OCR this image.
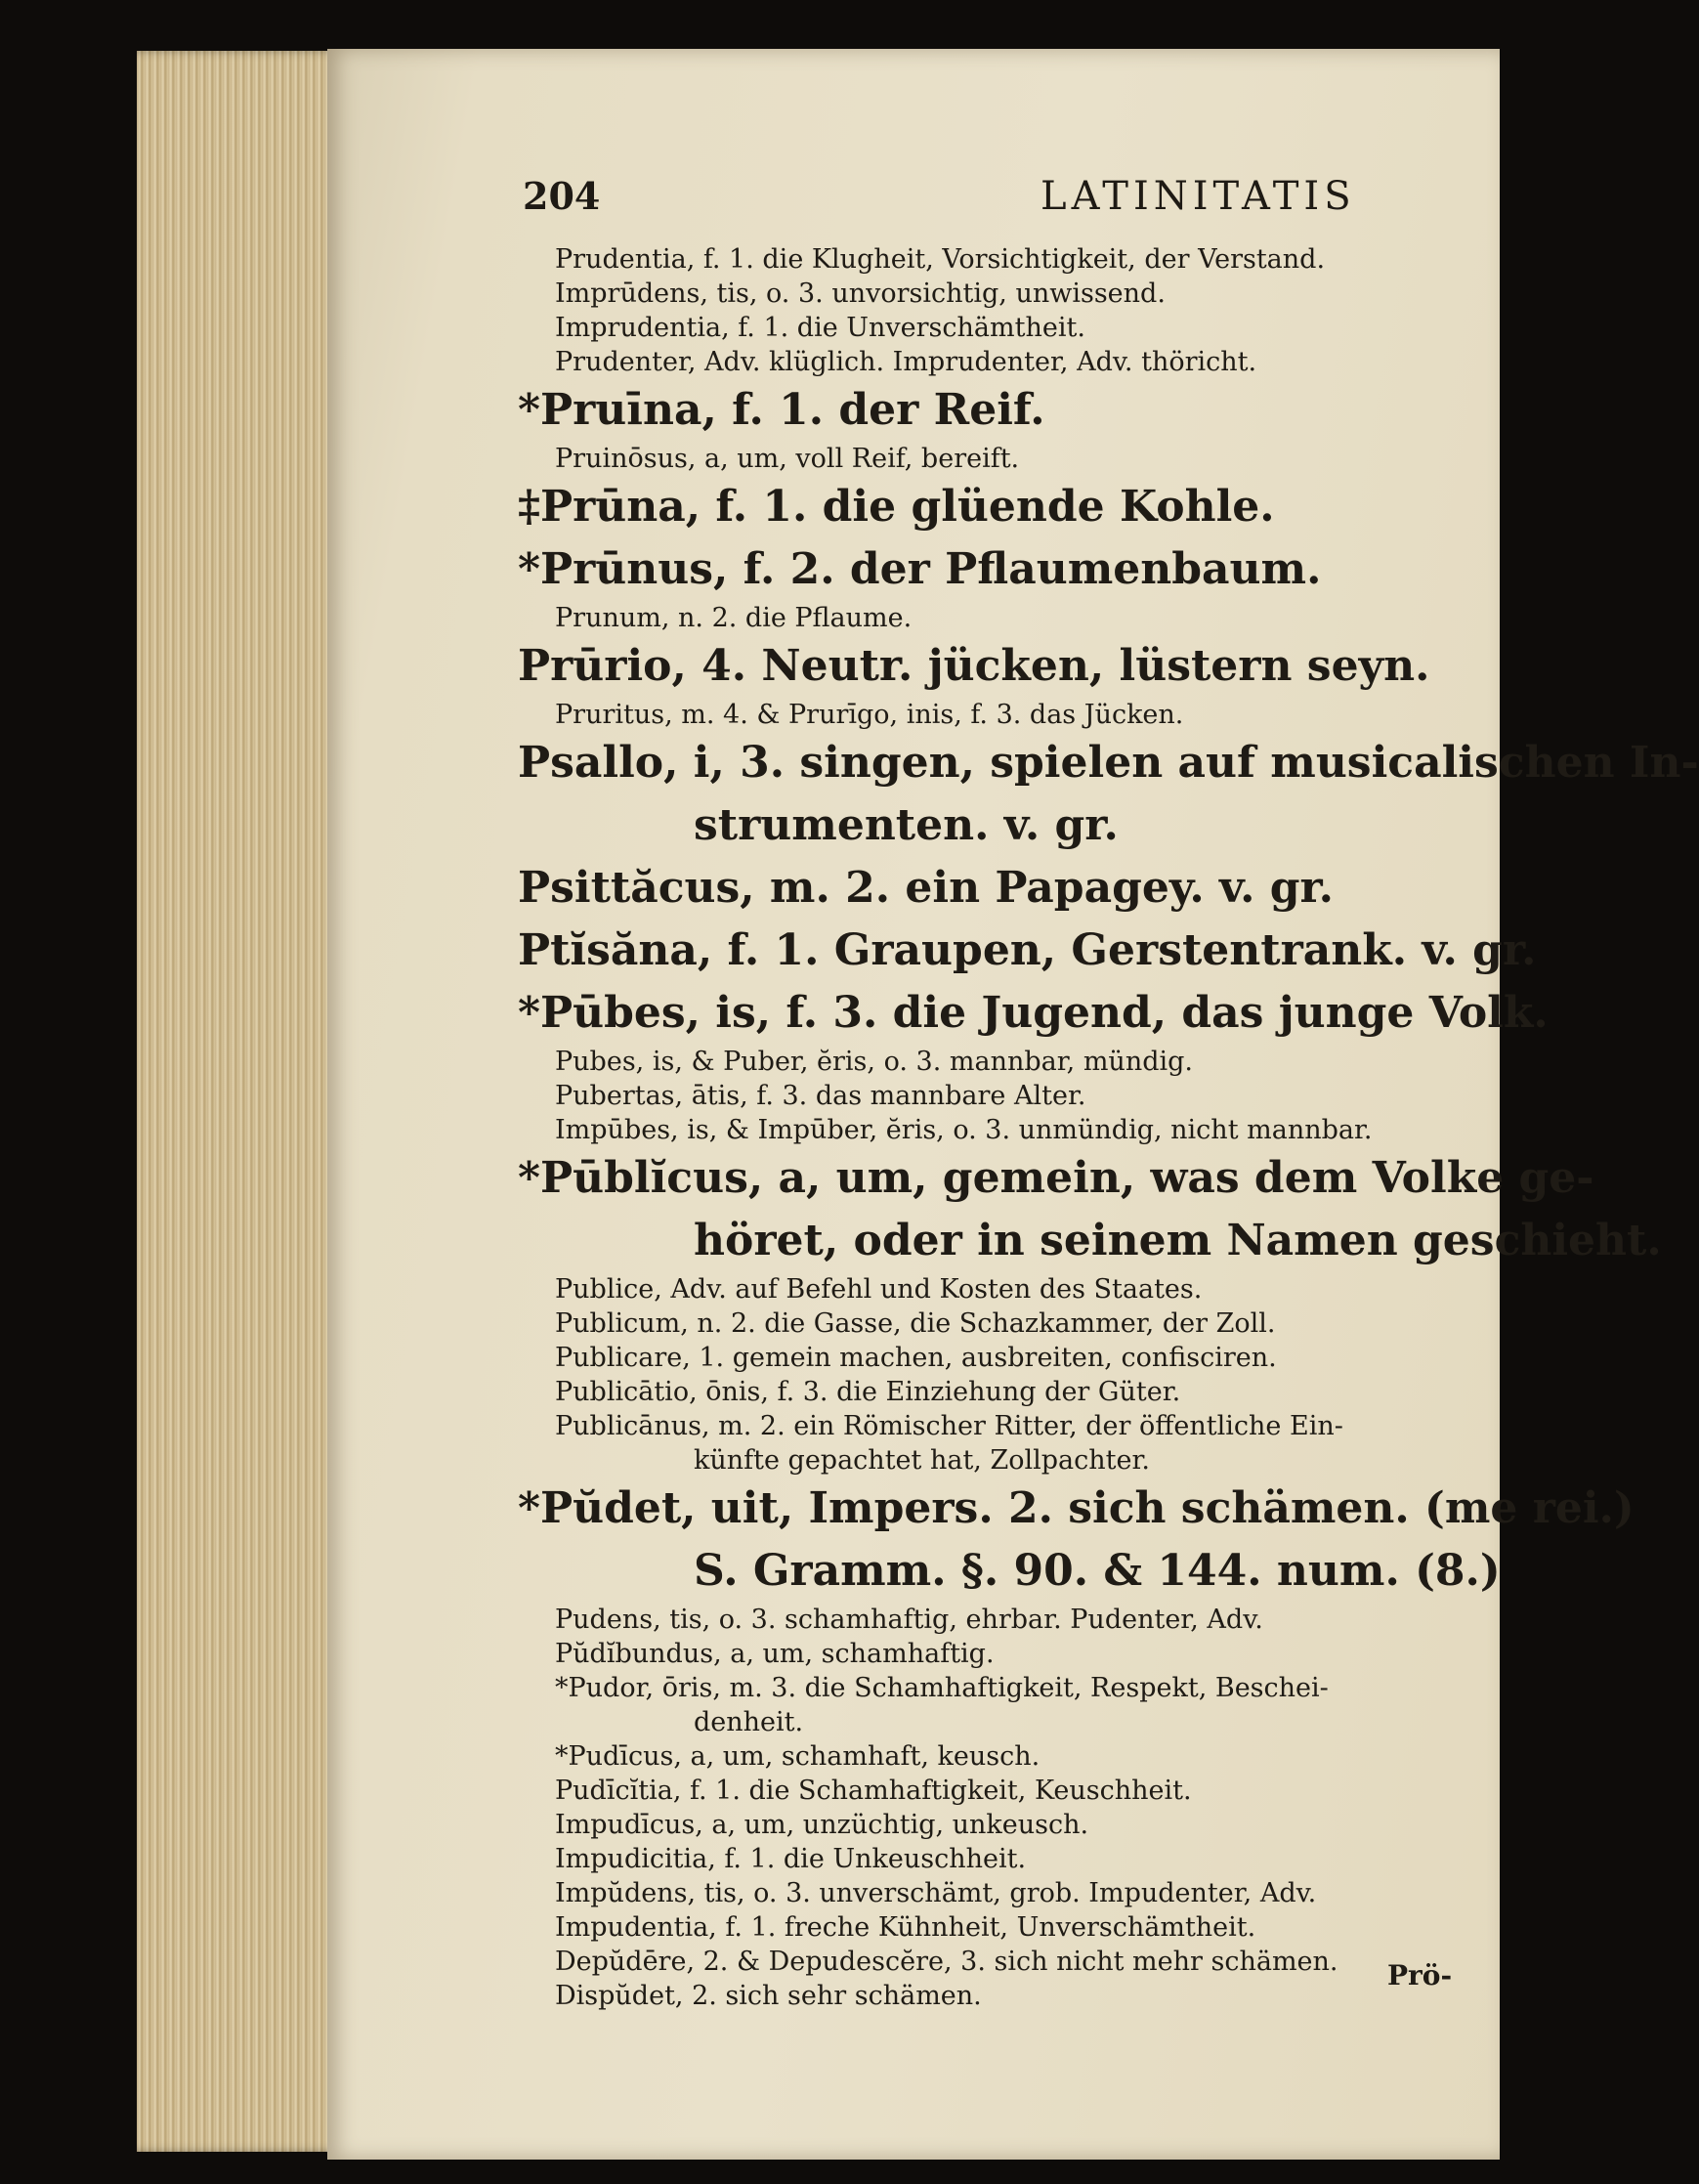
204	LATINITATIS
Prudentia, f. 1. die Klugheit, Vorsichtigkeit, der Verstand.
Imprūdens, tis, o. 3. unvorsichtig, unwissend.
Imprudentia, f. 1. die Unverschämtheit.
Prudenter, Adv. klüglich. Imprudenter, Adv. thöricht.
*Pruīna, f. 1. der Reif.
Pruinōsus, a, um, voll Reif, bereift.
‡Prūna, f. 1. die glüende Kohle.
*Prūnus, f. 2. der Pflaumenbaum.
Prunum, n. 2. die Pflaume.
Prūrio, 4. Neutr. jücken, lüstern seyn.
Pruritus, m. 4. & Prurīgo, inis, f. 3. das Jücken.
Psallo, i, 3. singen, spielen auf musicalischen In-
strumenten. v. gr.
Psittăcus, m. 2. ein Papagey. v. gr.
Ptĭsăna, f. 1. Graupen, Gerstentrank. v. gr.
*Pūbes, is, f. 3. die Jugend, das junge Volk.
Pubes, is, & Puber, ĕris, o. 3. mannbar, mündig.
Pubertas, ātis, f. 3. das mannbare Alter.
Impūbes, is, & Impūber, ĕris, o. 3. unmündig, nicht mannbar.
*Pūblĭcus, a, um, gemein, was dem Volke ge-
höret, oder in seinem Namen geschieht.
Publice, Adv. auf Befehl und Kosten des Staates.
Publicum, n. 2. die Gasse, die Schazkammer, der Zoll.
Publicare, 1. gemein machen, ausbreiten, confisciren.
Publicātio, ōnis, f. 3. die Einziehung der Güter.
Publicānus, m. 2. ein Römischer Ritter, der öffentliche Ein-
künfte gepachtet hat, Zollpachter.
*Pŭdet, uit, Impers. 2. sich schämen. (me rei.)
S. Gramm. §. 90. & 144. num. (8.)
Pudens, tis, o. 3. schamhaftig, ehrbar. Pudenter, Adv.
Pŭdĭbundus, a, um, schamhaftig.
*Pudor, ōris, m. 3. die Schamhaftigkeit, Respekt, Beschei-
denheit.
*Pudīcus, a, um, schamhaft, keusch.
Pudīcĭtia, f. 1. die Schamhaftigkeit, Keuschheit.
Impudīcus, a, um, unzüchtig, unkeusch.
Impudicitia, f. 1. die Unkeuschheit.
Impŭdens, tis, o. 3. unverschämt, grob. Impudenter, Adv.
Impudentia, f. 1. freche Kühnheit, Unverschämtheit.
Depŭdēre, 2. & Depudescĕre, 3. sich nicht mehr schämen.
Dispŭdet, 2. sich sehr schämen.
Prö-
